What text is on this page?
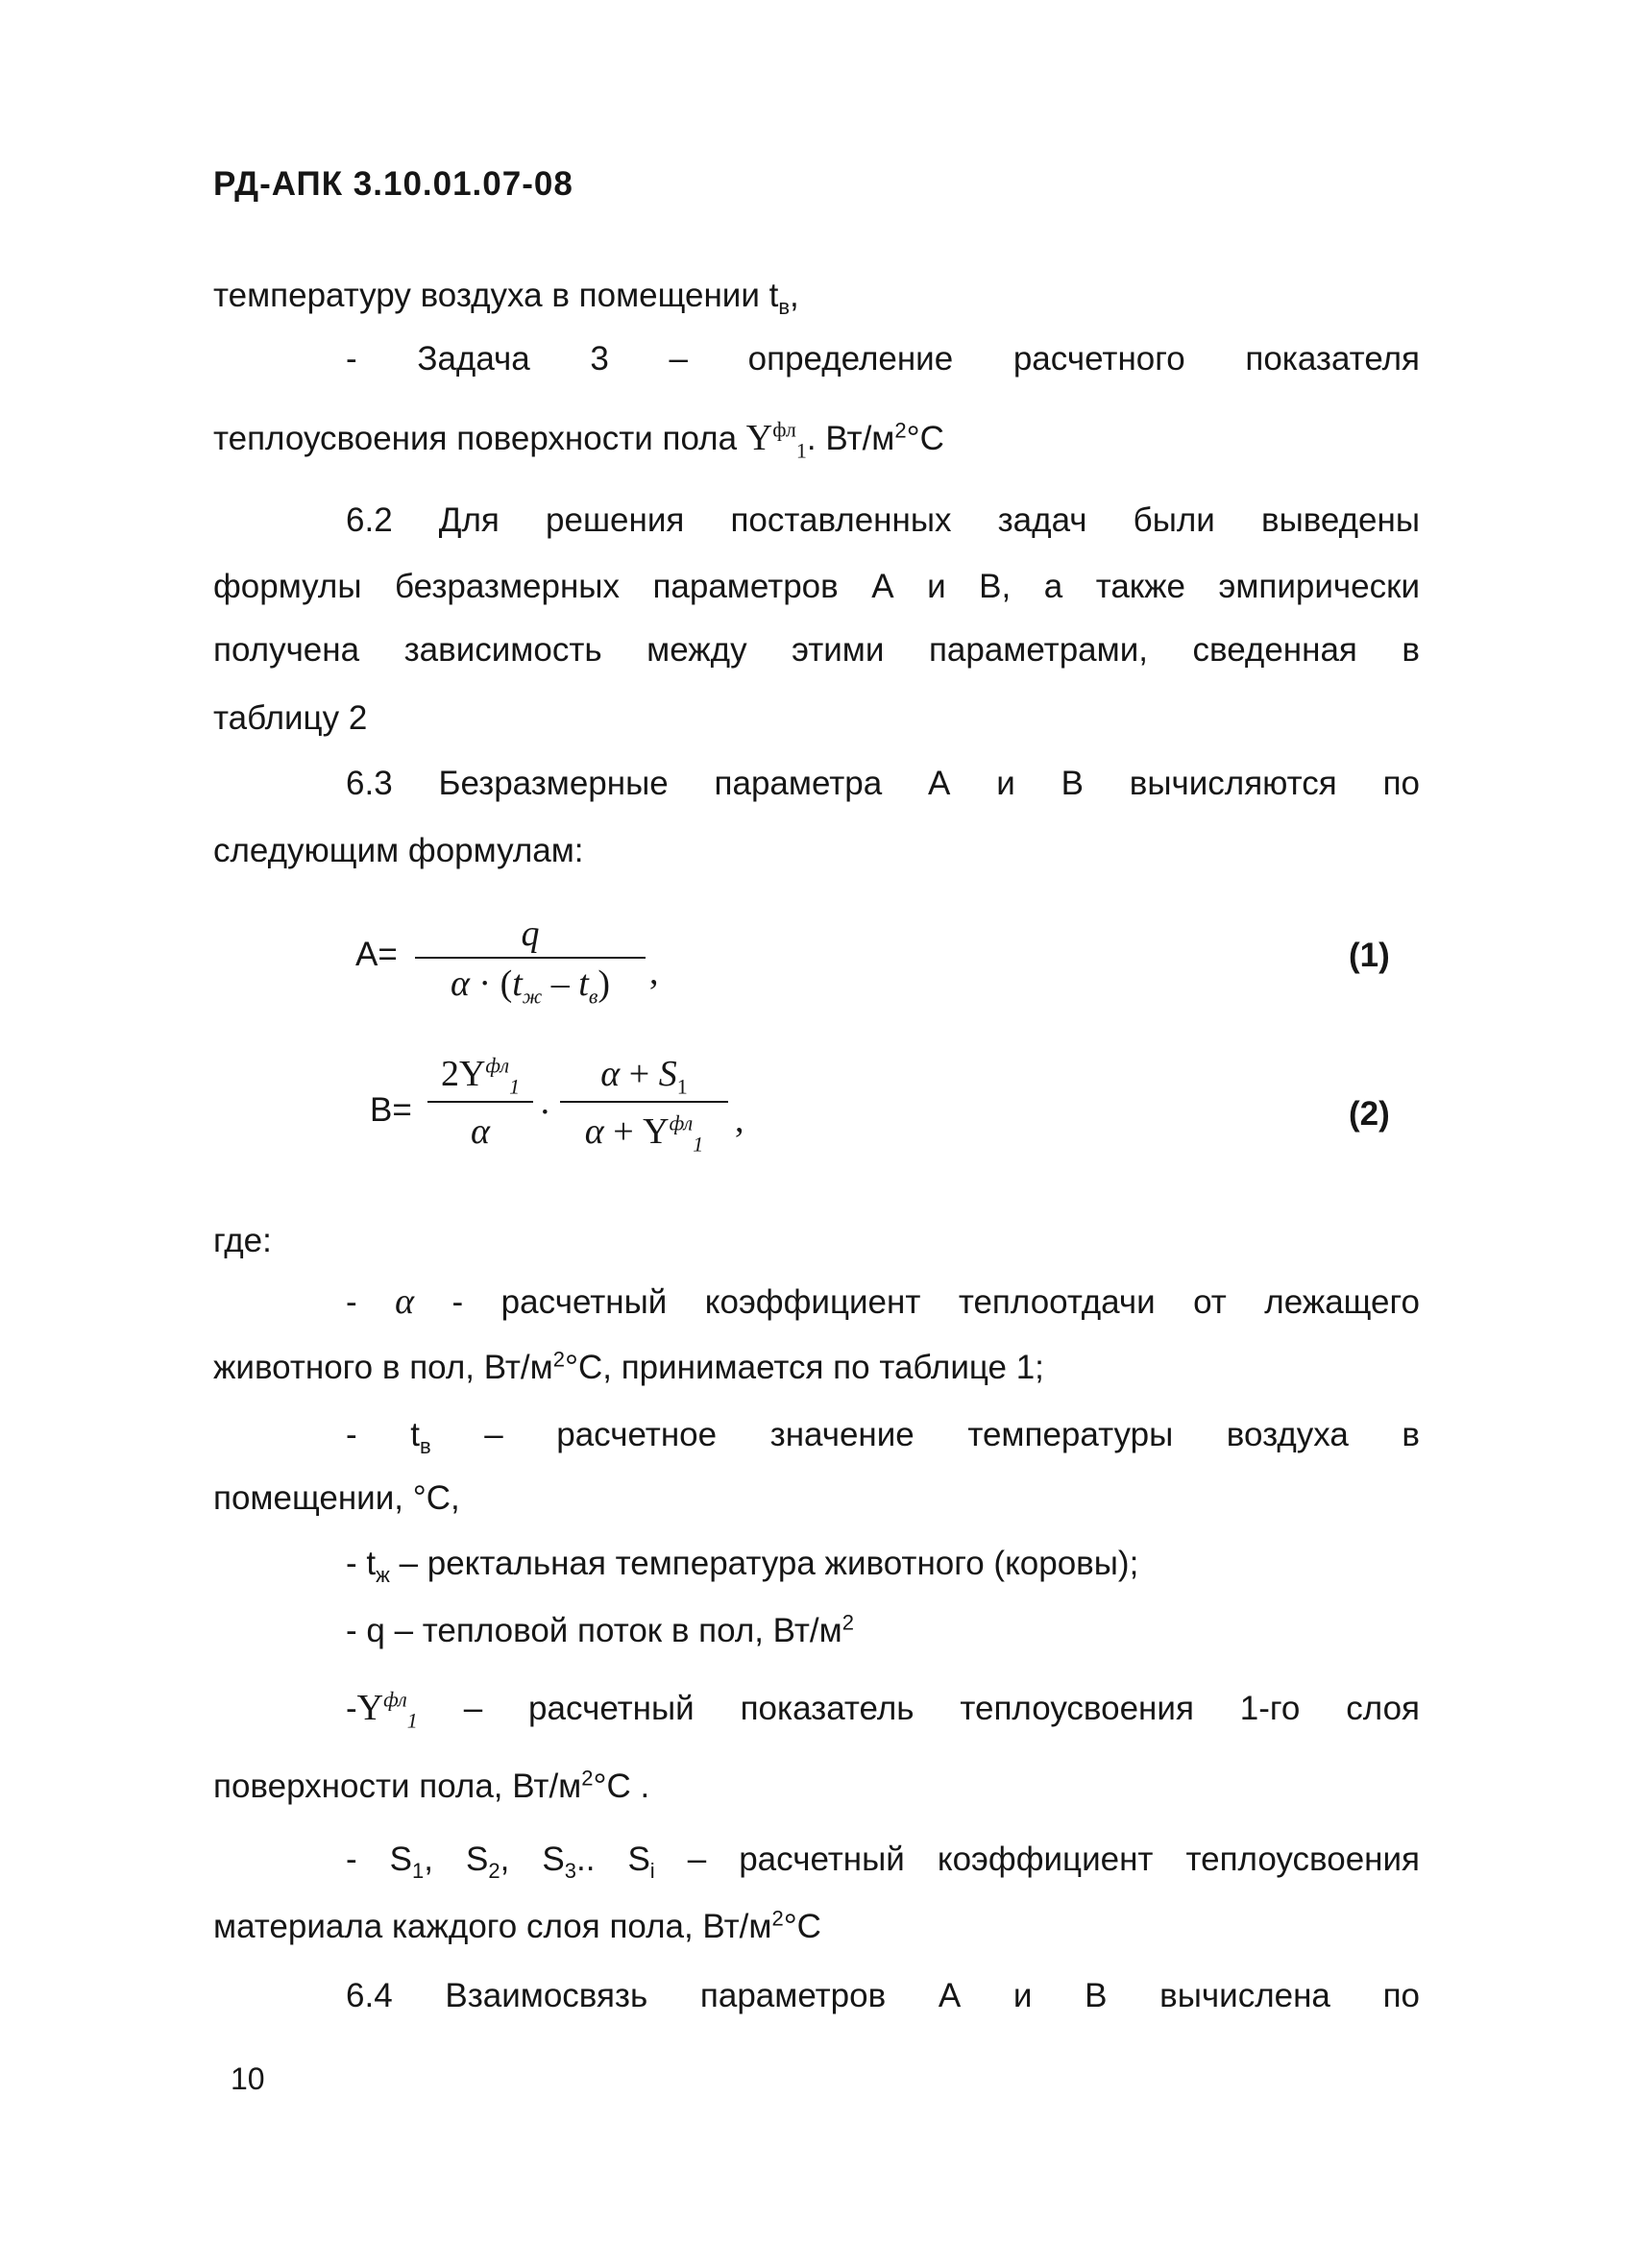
РД-АПК 3.10.01.07-08
температуру воздуха в помещении $t_в$,
- Задача 3 – определение расчетного показателя
теплоусвоения поверхности пола $Y^{фл}_1$. $Вт/м^2^\circ С$
6.2 Для решения поставленных задач были выведены
формулы безразмерных параметров А и В, а также эмпирически
получена зависимость между этими параметрами, сведенная в
таблицу 2
6.3 Безразмерные параметра А и В вычисляются по
следующим формулам:
А=
q
$\alpha \cdot (t_ж - t_в)$	,	(1)
В=
$2Y^{фл}_1$
α	·
$\alpha + S_1$
$\alpha + Y^{фл}_1$
,	(2)
где:
- α - расчетный коэффициент теплоотдачи от лежащего
животного в пол, $Вт/м^2^\circ С$, принимается по таблице 1;
- $t_в$ – расчетное значение температуры воздуха в
помещении, °С,
- $t_ж$ – ректальная температура животного (коровы);
- q – тепловой поток в пол, $Вт/м^2$
$-Y^{фл}_1$ – расчетный показатель теплоусвоения 1-го слоя
поверхности пола, $Вт/м^2^\circ С$ .
- $S_1$, $S_2$, $S_3$.. $S_i$ – расчетный коэффициент теплоусвоения
материала каждого слоя пола, $Вт/м^2^\circ С$
6.4 Взаимосвязь параметров А и В вычислена по
10
